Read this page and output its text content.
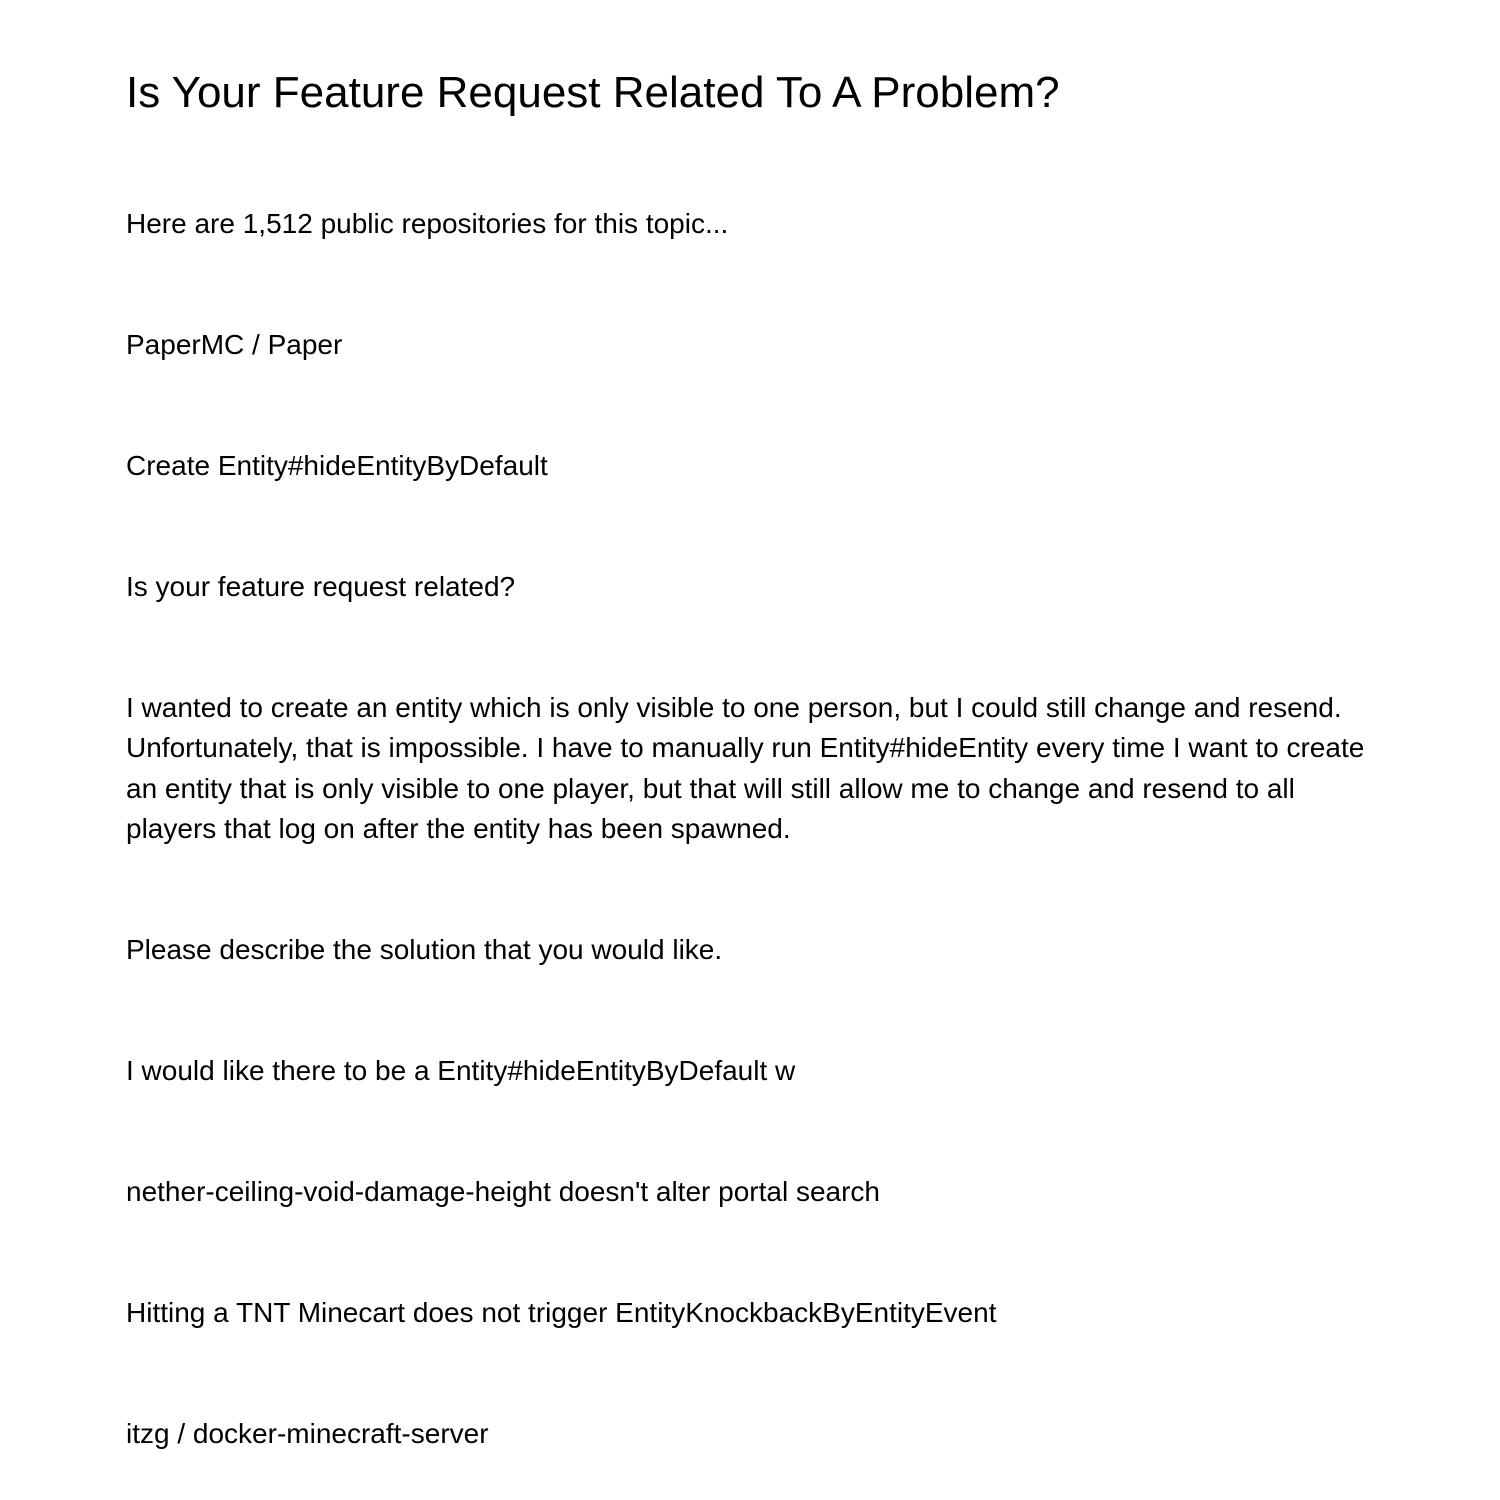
Is Your Feature Request Related To A Problem?

Here are 1,512 public repositories for this topic...

PaperMC / Paper

Create Entity#hideEntityByDefault

Is your feature request related?

I wanted to create an entity which is only visible to one person, but I could still change and resend. Unfortunately, that is impossible. I have to manually run Entity#hideEntity every time I want to create an entity that is only visible to one player, but that will still allow me to change and resend to all players that log on after the entity has been spawned.

Please describe the solution that you would like.

I would like there to be a Entity#hideEntityByDefault w

nether-ceiling-void-damage-height doesn't alter portal search

Hitting a TNT Minecart does not trigger EntityKnockbackByEntityEvent

itzg / docker-minecraft-server
